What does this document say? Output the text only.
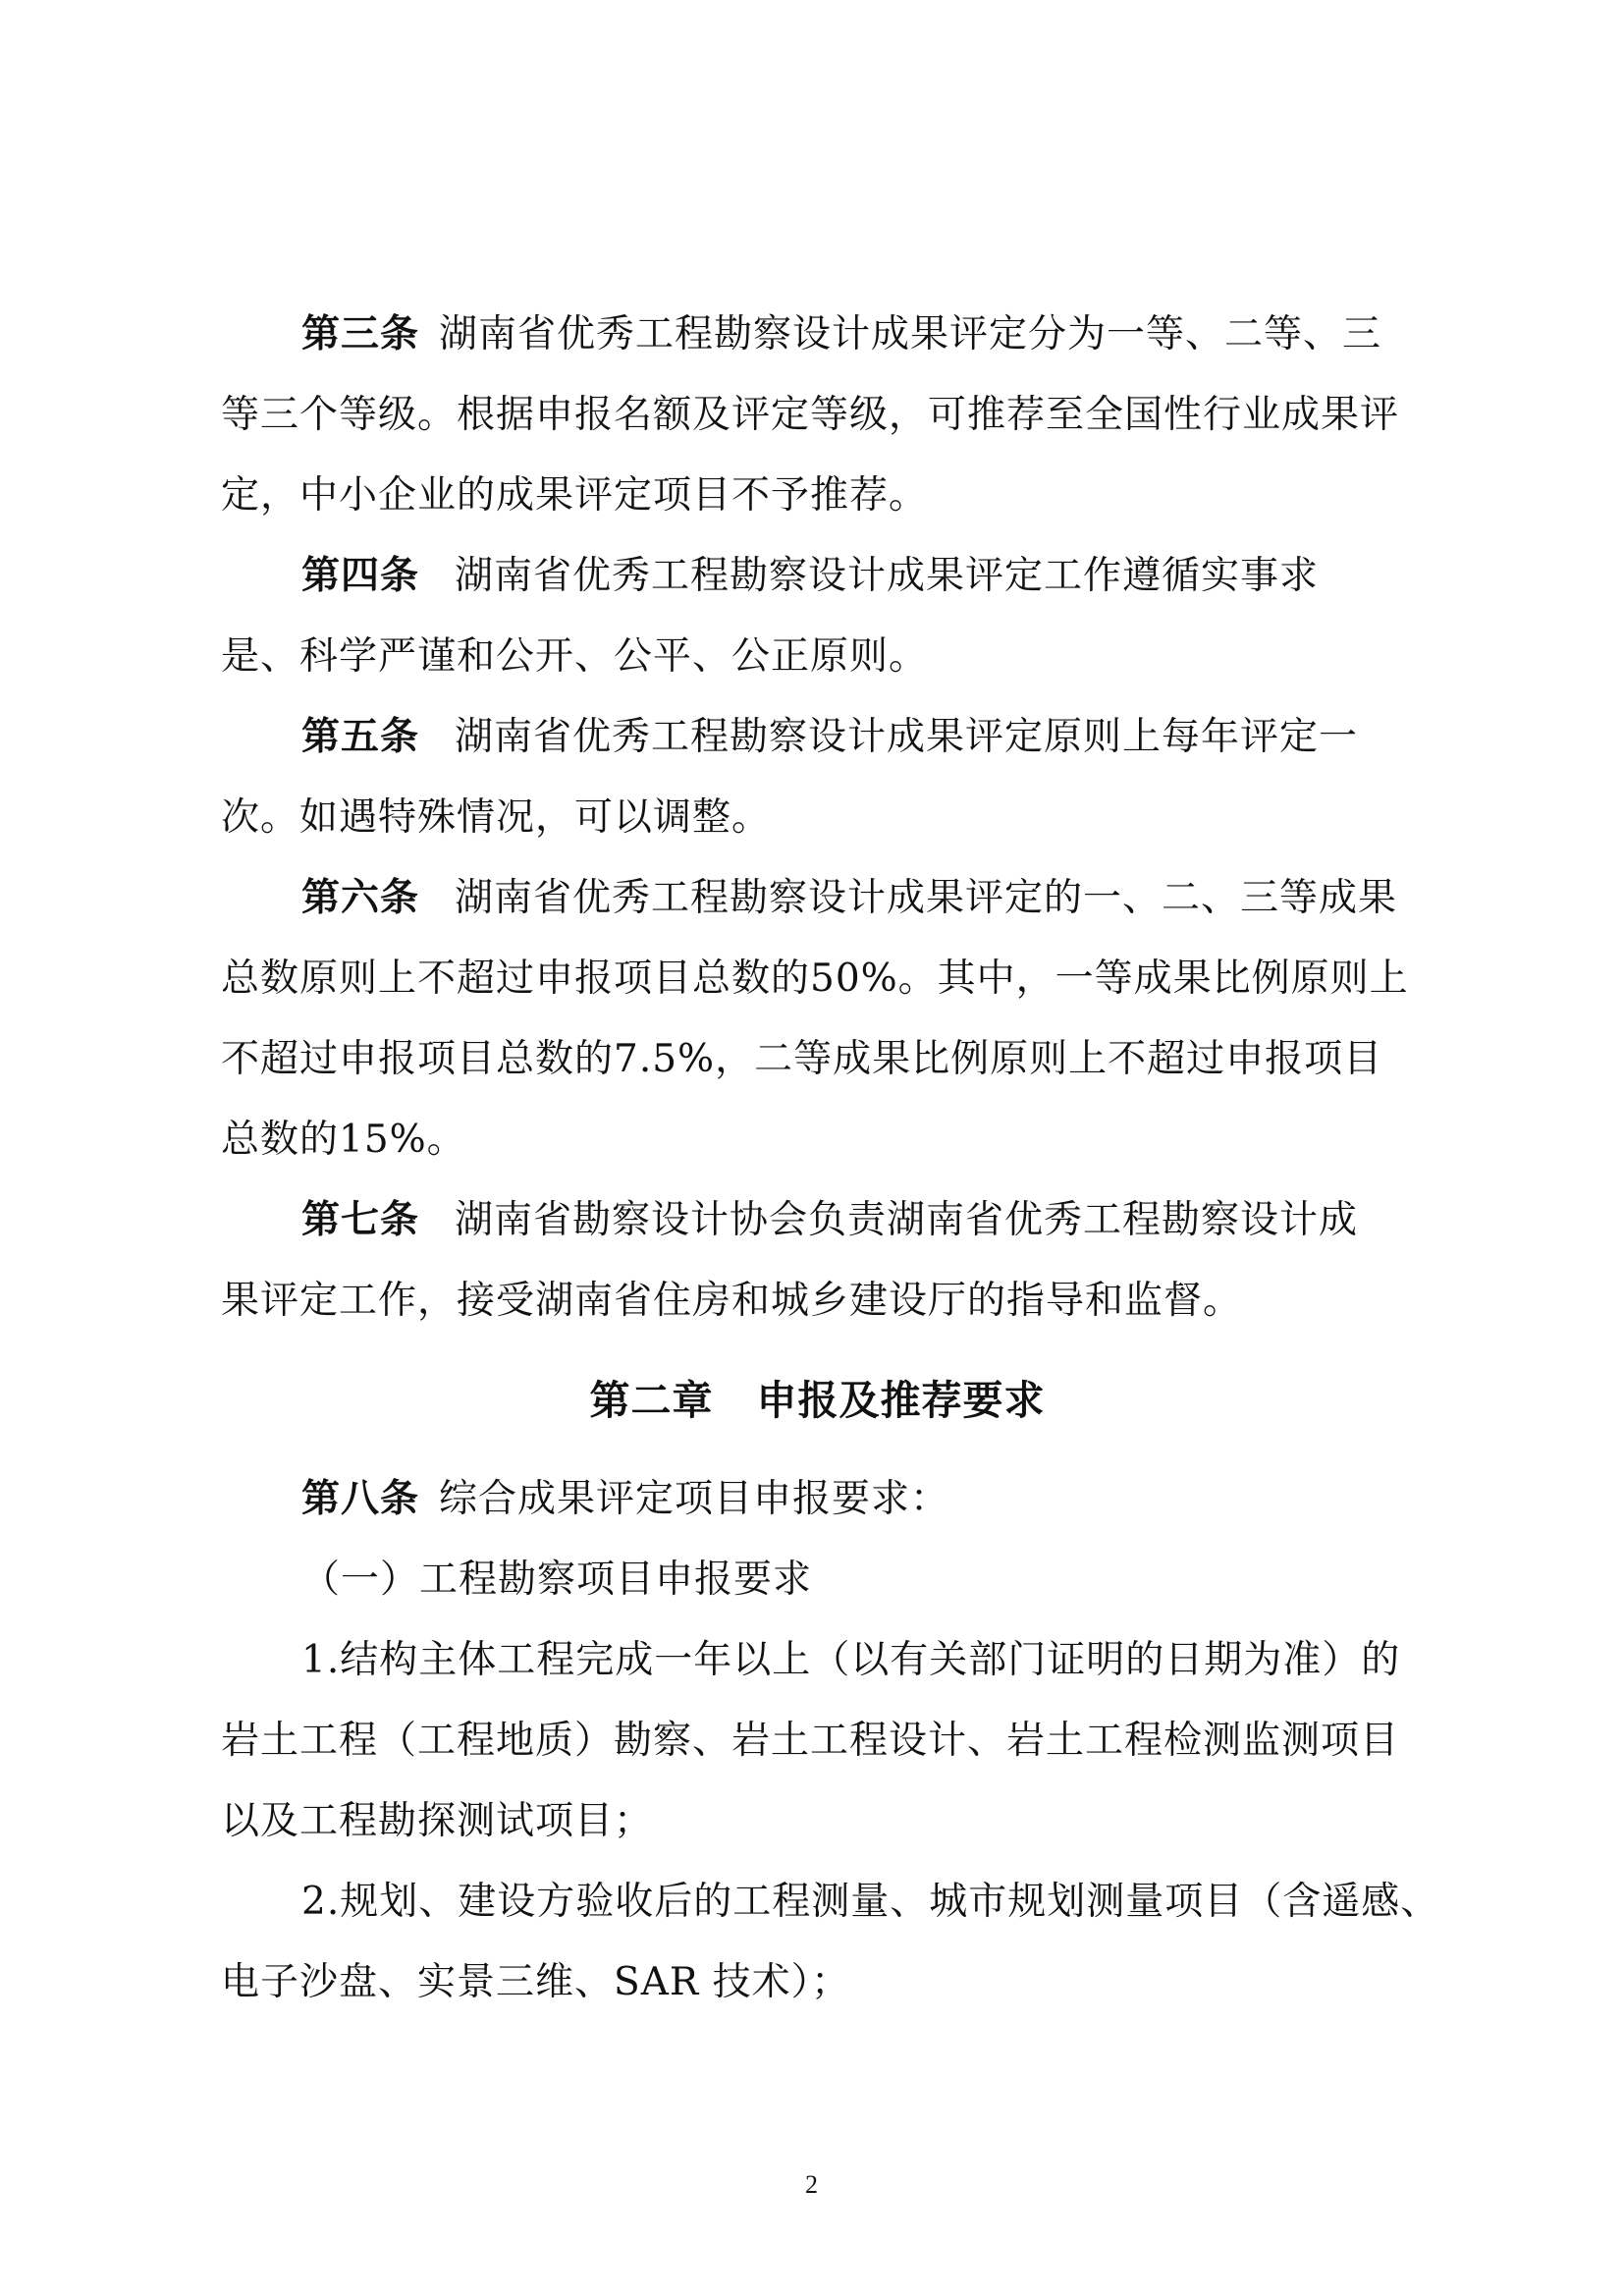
第三条 湖南省优秀工程勘察设计成果评定分为一等、二等、三
等三个等级。根据申报名额及评定等级，可推荐至全国性行业成果评
定，中小企业的成果评定项目不予推荐。
第四条 湖南省优秀工程勘察设计成果评定工作遵循实事求
是、科学严谨和公开、公平、公正原则。
第五条 湖南省优秀工程勘察设计成果评定原则上每年评定一
次。如遇特殊情况，可以调整。
第六条 湖南省优秀工程勘察设计成果评定的一、二、三等成果
总数原则上不超过申报项目总数的50%。其中，一等成果比例原则上
不超过申报项目总数的7.5%，二等成果比例原则上不超过申报项目
总数的15%。
第七条 湖南省勘察设计协会负责湖南省优秀工程勘察设计成
果评定工作，接受湖南省住房和城乡建设厅的指导和监督。
第二章 申报及推荐要求
第八条 综合成果评定项目申报要求：
（一）工程勘察项目申报要求
1.结构主体工程完成一年以上（以有关部门证明的日期为准）的
岩土工程（工程地质）勘察、岩土工程设计、岩土工程检测监测项目
以及工程勘探测试项目；
2.规划、建设方验收后的工程测量、城市规划测量项目（含遥感、
电子沙盘、实景三维、SAR 技术）；
2
